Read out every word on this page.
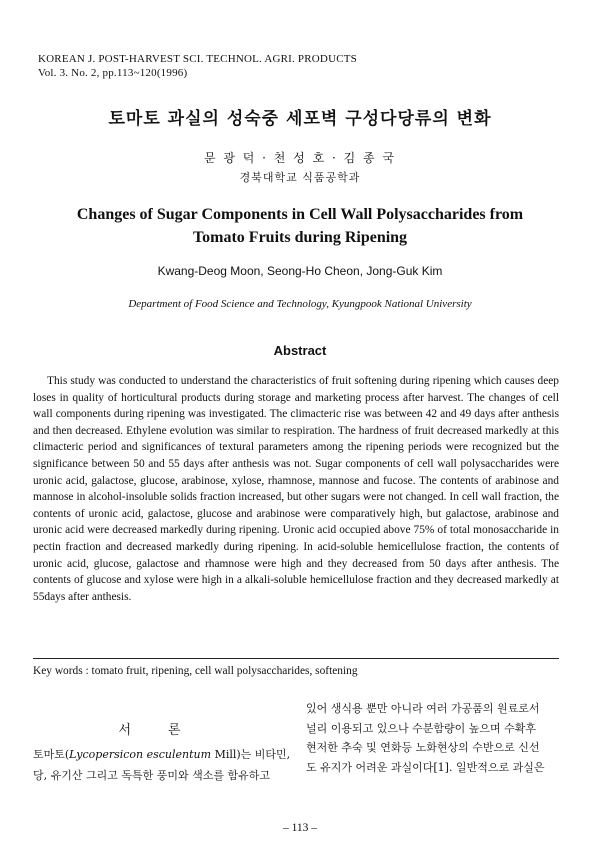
KOREAN J. POST-HARVEST SCI. TECHNOL. AGRI. PRODUCTS
Vol. 3. No. 2, pp.113~120(1996)
토마토 과실의 성숙중 세포벽 구성다당류의 변화
문 광 덕 · 천 성 호 · 김 종 국
경북대학교 식품공학과
Changes of Sugar Components in Cell Wall Polysaccharides from
Tomato Fruits during Ripening
Kwang-Deog Moon, Seong-Ho Cheon, Jong-Guk Kim
Department of Food Science and Technology, Kyungpook National University
Abstract

This study was conducted to understand the characteristics of fruit softening during ripening which causes deep loses in quality of horticultural products during storage and marketing process after harvest. The changes of cell wall components during ripening was investigated. The climacteric rise was between 42 and 49 days after anthesis and then decreased. Ethylene evolution was similar to respiration. The hardness of fruit decreased markedly at this climacteric period and significances of textural parameters among the ripening periods were recognized but the significance between 50 and 55 days after anthesis was not. Sugar components of cell wall polysaccharides were uronic acid, galactose, glucose, arabinose, xylose, rhamnose, mannose and fucose. The contents of arabinose and mannose in alcohol-insoluble solids fraction increased, but other sugars were not changed. In cell wall fraction, the contents of uronic acid, galactose, glucose and arabinose were comparatively high, but galactose, arabinose and uronic acid were decreased markedly during ripening. Uronic acid occupied above 75% of total monosaccharide in pectin fraction and decreased markedly during ripening. In acid-soluble hemicellulose fraction, the contents of uronic acid, glucose, galactose and rhamnose were high and they decreased from 50 days after anthesis. The contents of glucose and xylose were high in a alkali-soluble hemicellulose fraction and they decreased markedly at 55days after anthesis.

Key words : tomato fruit, ripening, cell wall polysaccharides, softening
서	론
토마토(Lycopersicon esculentum Mill)는 비타민,
당, 유기산 그리고 독특한 풍미와 색소를 함유하고
있어 생식용 뿐만 아니라 여러 가공품의 원료로서
널리 이용되고 있으나 수분함량이 높으며 수확후
현저한 추숙 및 연화등 노화현상의 수반으로 신선
도 유지가 어려운 과실이다[1]. 일반적으로 과실은
– 113 –
